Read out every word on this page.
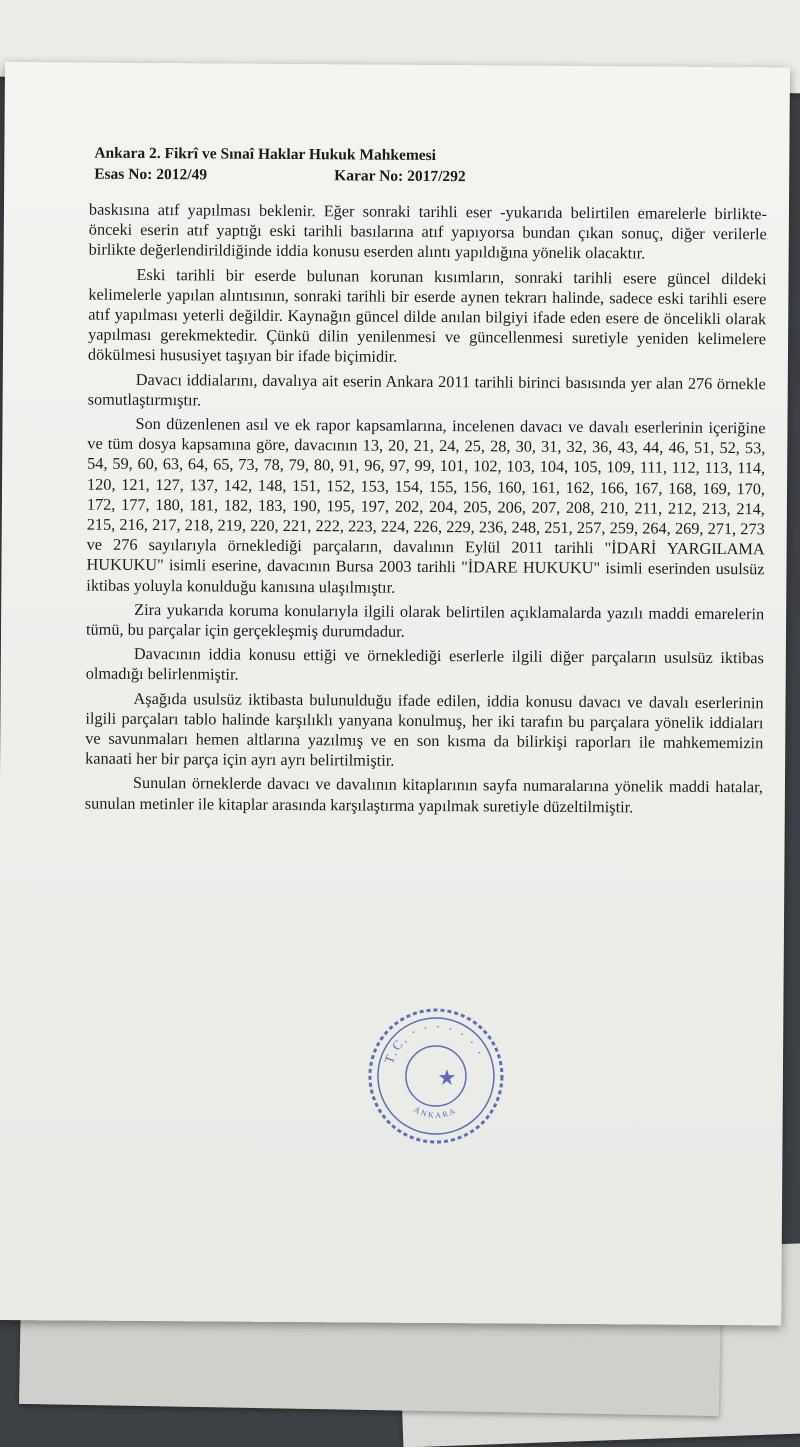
Ankara 2. Fikrî ve Sınaî Haklar Hukuk Mahkemesi
Esas No: 2012/49	Karar No: 2017/292

baskısına atıf yapılması beklenir. Eğer sonraki tarihli eser -yukarıda belirtilen emarelerle birlikte- önceki eserin atıf yaptığı eski tarihli basılarına atıf yapıyorsa bundan çıkan sonuç, diğer verilerle birlikte değerlendirildiğinde iddia konusu eserden alıntı yapıldığına yönelik olacaktır.

Eski tarihli bir eserde bulunan korunan kısımların, sonraki tarihli esere güncel dildeki kelimelerle yapılan alıntısının, sonraki tarihli bir eserde aynen tekrarı halinde, sadece eski tarihli esere atıf yapılması yeterli değildir. Kaynağın güncel dilde anılan bilgiyi ifade eden esere de öncelikli olarak yapılması gerekmektedir. Çünkü dilin yenilenmesi ve güncellenmesi suretiyle yeniden kelimelere dökülmesi hususiyet taşıyan bir ifade biçimidir.

Davacı iddialarını, davalıya ait eserin Ankara 2011 tarihli birinci basısında yer alan 276 örnekle somutlaştırmıştır.

Son düzenlenen asıl ve ek rapor kapsamlarına, incelenen davacı ve davalı eserlerinin içeriğine ve tüm dosya kapsamına göre, davacının 13, 20, 21, 24, 25, 28, 30, 31, 32, 36, 43, 44, 46, 51, 52, 53, 54, 59, 60, 63, 64, 65, 73, 78, 79, 80, 91, 96, 97, 99, 101, 102, 103, 104, 105, 109, 111, 112, 113, 114, 120, 121, 127, 137, 142, 148, 151, 152, 153, 154, 155, 156, 160, 161, 162, 166, 167, 168, 169, 170, 172, 177, 180, 181, 182, 183, 190, 195, 197, 202, 204, 205, 206, 207, 208, 210, 211, 212, 213, 214, 215, 216, 217, 218, 219, 220, 221, 222, 223, 224, 226, 229, 236, 248, 251, 257, 259, 264, 269, 271, 273 ve 276 sayılarıyla örneklediği parçaların, davalının Eylül 2011 tarihli "İDARİ YARGILAMA HUKUKU" isimli eserine, davacının Bursa 2003 tarihli "İDARE HUKUKU" isimli eserinden usulsüz iktibas yoluyla konulduğu kanısına ulaşılmıştır.

Zira yukarıda koruma konularıyla ilgili olarak belirtilen açıklamalarda yazılı maddi emarelerin tümü, bu parçalar için gerçekleşmiş durumdadur.

Davacının iddia konusu ettiği ve örneklediği eserlerle ilgili diğer parçaların usulsüz iktibas olmadığı belirlenmiştir.

Aşağıda usulsüz iktibasta bulunulduğu ifade edilen, iddia konusu davacı ve davalı eserlerinin ilgili parçaları tablo halinde karşılıklı yanyana konulmuş, her iki tarafın bu parçalara yönelik iddiaları ve savunmaları hemen altlarına yazılmış ve en son kısma da bilirkişi raporları ile mahkememizin kanaati her bir parça için ayrı ayrı belirtilmiştir.

Sunulan örneklerde davacı ve davalının kitaplarının sayfa numaralarına yönelik maddi hatalar, sunulan metinler ile kitaplar arasında karşılaştırma yapılmak suretiyle düzeltilmiştir.

T.C. · · · · · · ·
ANKARA
